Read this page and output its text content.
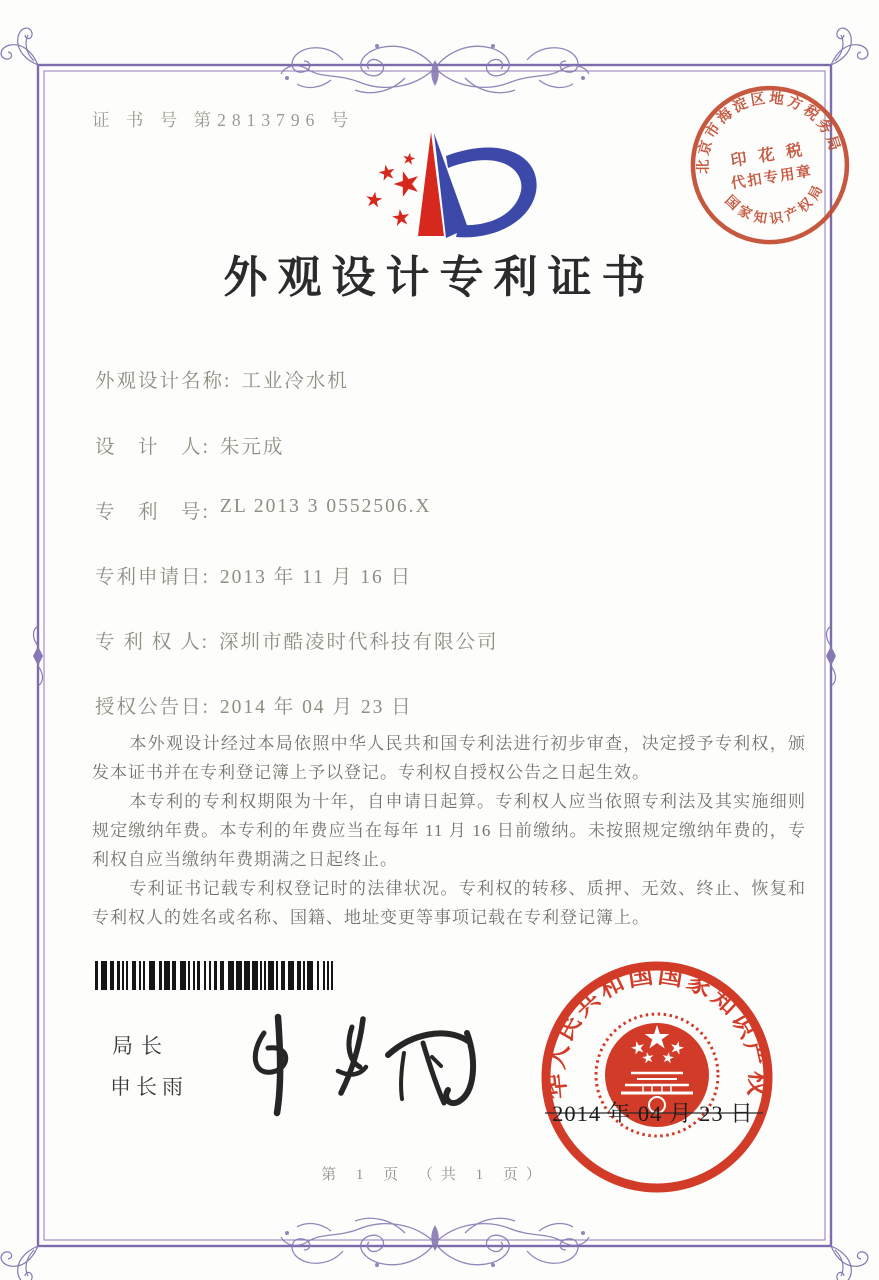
证 书 号 第2813796 号
北京市海淀区地方税务局
国家知识产权局
印 花 税
代扣专用章
外观设计专利证书
外观设计名称: 工业冷水机
设　计　人: 朱元成
专　利　号: ZL 2013 3 0552506.X
专利申请日: 2013 年 11 月 16 日
专 利 权 人: 深圳市酷凌时代科技有限公司
授权公告日: 2014 年 04 月 23 日

本外观设计经过本局依照中华人民共和国专利法进行初步审查，决定授予专利权，颁发本证书并在专利登记簿上予以登记。专利权自授权公告之日起生效。

本专利的专利权期限为十年，自申请日起算。专利权人应当依照专利法及其实施细则规定缴纳年费。本专利的年费应当在每年 11 月 16 日前缴纳。未按照规定缴纳年费的，专利权自应当缴纳年费期满之日起终止。

专利证书记载专利权登记时的法律状况。专利权的转移、质押、无效、终止、恢复和专利权人的姓名或名称、国籍、地址变更等事项记载在专利登记簿上。

局长
申长雨
中华人民共和国国家知识产权局
2014 年 04 月 23 日
第 1 页 （共 1 页）
